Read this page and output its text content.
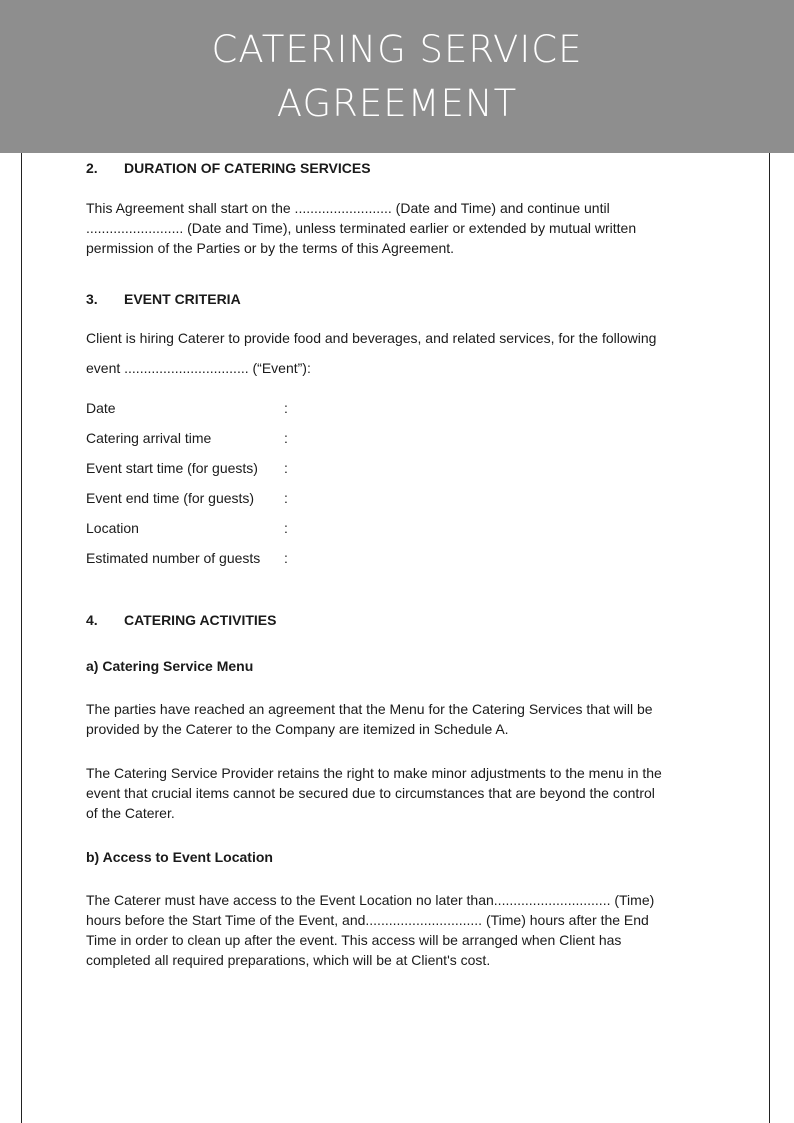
CATERING SERVICE
AGREEMENT
2. DURATION OF CATERING SERVICES
This Agreement shall start on the ......................... (Date and Time) and continue until
......................... (Date and Time), unless terminated earlier or extended by mutual written
permission of the Parties or by the terms of this Agreement.
3. EVENT CRITERIA
Client is hiring Caterer to provide food and beverages, and related services, for the following
event ................................ (“Event”):
Date	:
Catering arrival time	:
Event start time (for guests) :
Event end time (for guests) :
Location	:
Estimated number of guests :
4. CATERING ACTIVITIES
a) Catering Service Menu
The parties have reached an agreement that the Menu for the Catering Services that will be
provided by the Caterer to the Company are itemized in Schedule A.
The Catering Service Provider retains the right to make minor adjustments to the menu in the
event that crucial items cannot be secured due to circumstances that are beyond the control
of the Caterer.
b) Access to Event Location
The Caterer must have access to the Event Location no later than.............................. (Time)
hours before the Start Time of the Event, and.............................. (Time) hours after the End
Time in order to clean up after the event. This access will be arranged when Client has
completed all required preparations, which will be at Client's cost.
